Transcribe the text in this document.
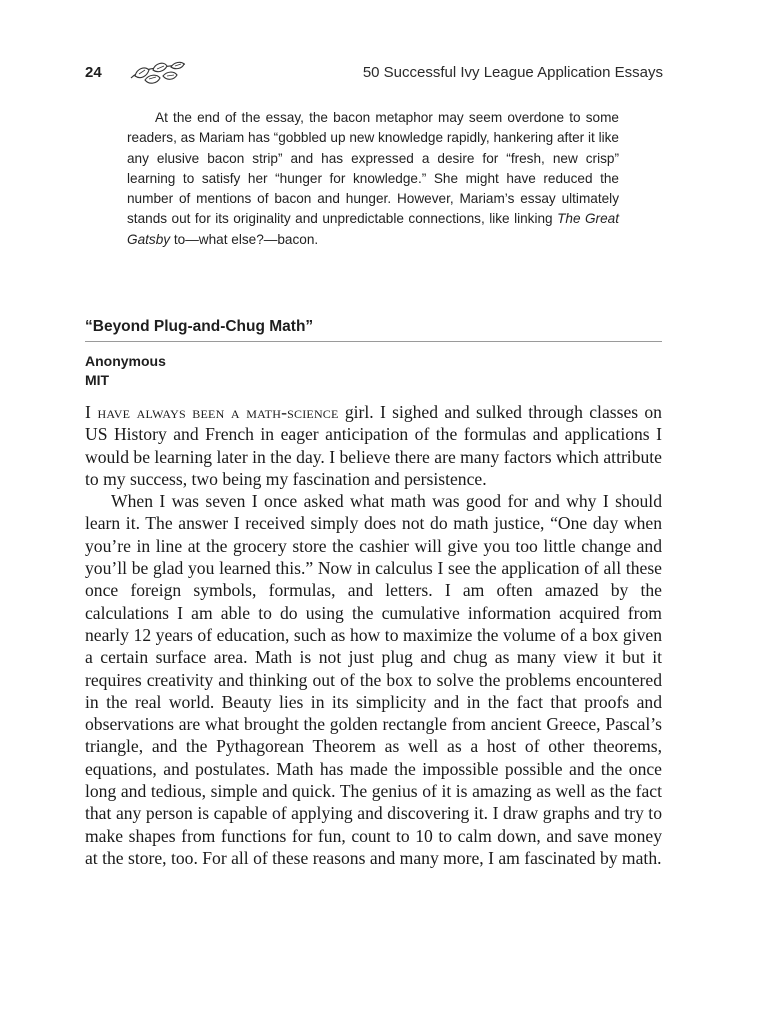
24	50 Successful Ivy League Application Essays

At the end of the essay, the bacon metaphor may seem overdone to some readers, as Mariam has “gobbled up new knowledge rapidly, hankering after it like any elusive bacon strip” and has expressed a desire for “fresh, new crisp” learning to satisfy her “hunger for knowledge.” She might have reduced the number of mentions of bacon and hunger. However, Mariam’s essay ultimately stands out for its originality and unpredictable connections, like linking The Great Gatsby to—what else?—bacon.

“Beyond Plug-and-Chug Math”
Anonymous
MIT

I have always been a math-science girl. I sighed and sulked through classes on US History and French in eager anticipation of the formulas and applications I would be learning later in the day. I believe there are many factors which attribute to my success, two being my fascination and persistence.

When I was seven I once asked what math was good for and why I should learn it. The answer I received simply does not do math justice, “One day when you’re in line at the grocery store the cashier will give you too little change and you’ll be glad you learned this.” Now in calculus I see the application of all these once foreign symbols, formulas, and letters. I am often amazed by the calculations I am able to do using the cumulative information acquired from nearly 12 years of education, such as how to maximize the volume of a box given a certain surface area. Math is not just plug and chug as many view it but it requires creativity and thinking out of the box to solve the problems encountered in the real world. Beauty lies in its simplicity and in the fact that proofs and observations are what brought the golden rectangle from ancient Greece, Pascal’s triangle, and the Pythagorean Theorem as well as a host of other theorems, equations, and postulates. Math has made the impossible possible and the once long and tedious, simple and quick. The genius of it is amazing as well as the fact that any person is capable of applying and discovering it. I draw graphs and try to make shapes from functions for fun, count to 10 to calm down, and save money at the store, too. For all of these reasons and many more, I am fascinated by math.
